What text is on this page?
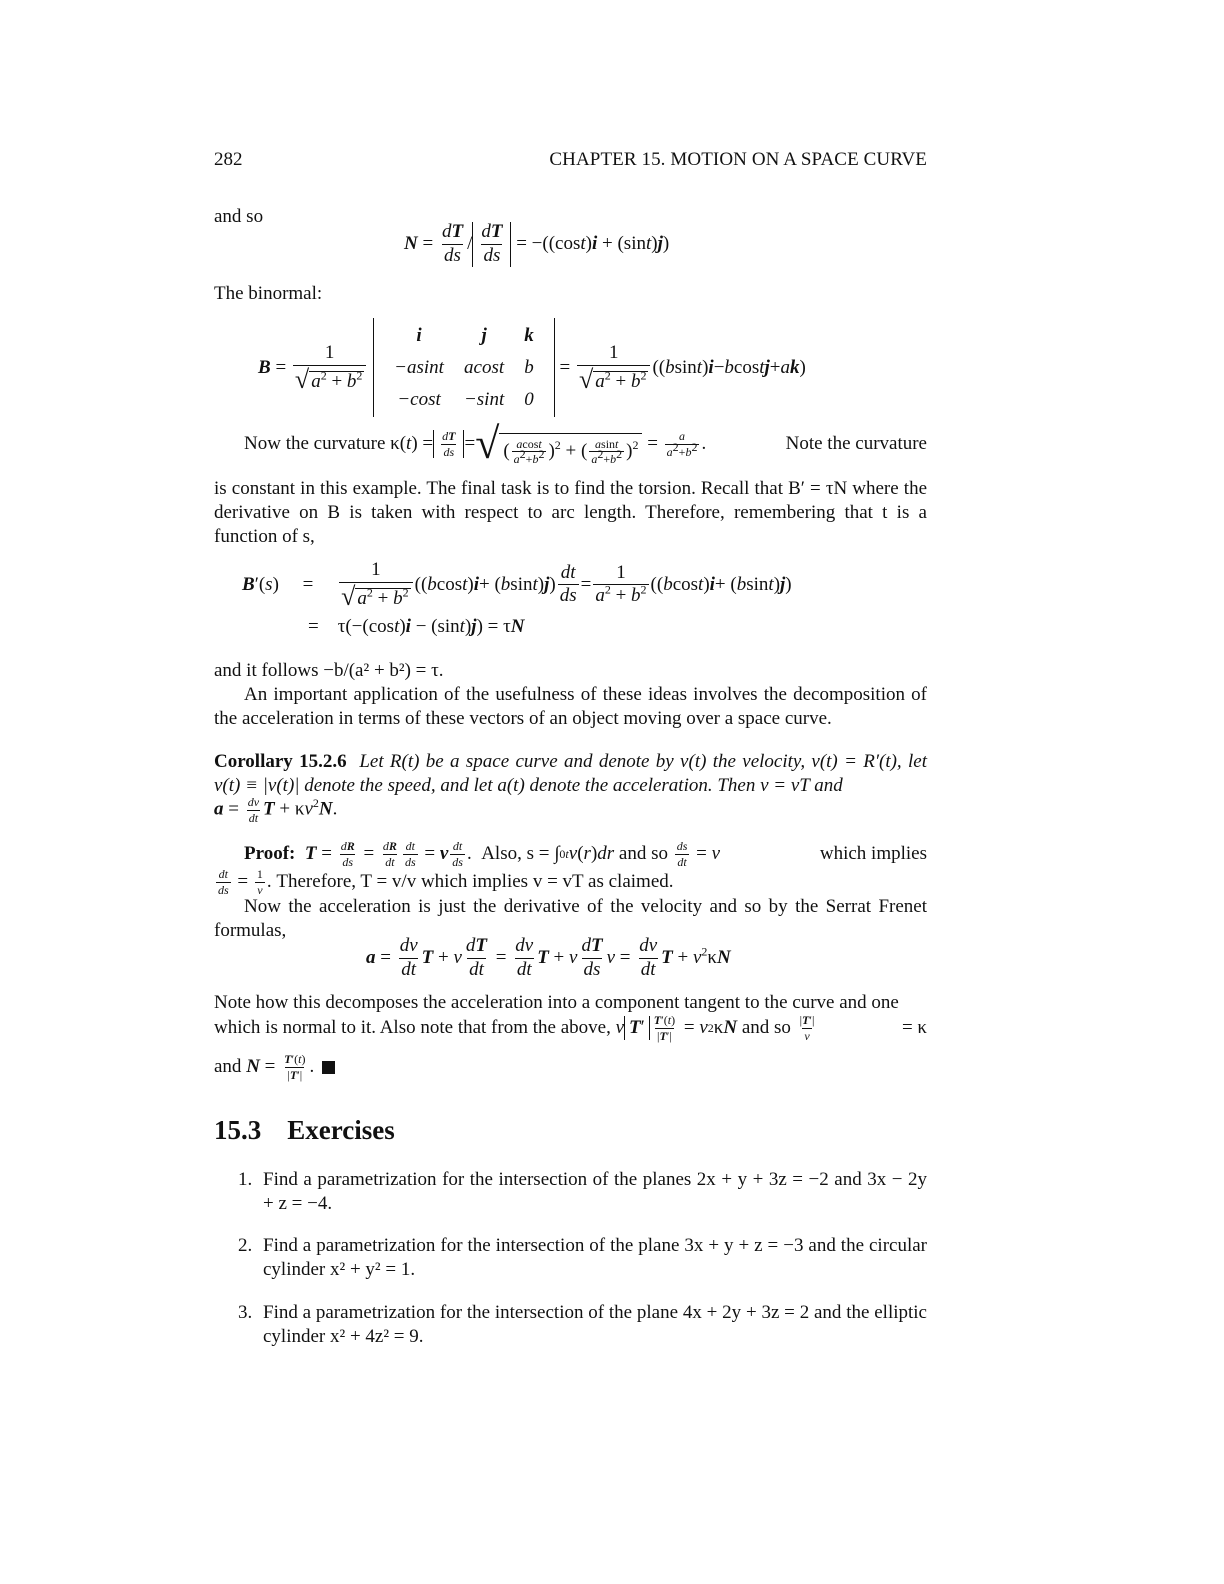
282	CHAPTER 15. MOTION ON A SPACE CURVE
and so
$N = \frac{dT}{ds} / \frac{dT}{ds} = -((\cos t)i + (\sin t)j)$
The binormal:
$B = \frac{1}{√ a^2 + b^2}$

i	j	k
−asint	acost	b
−cost	−sint	0
= $\frac{1}{√ a^2 + b^2}$ (( b sin t ) i − b cos t j + a k )
Now the curvature κ( t ) = $\frac{dT}{ds}$ = √ ( $\frac{acost}{a^2+b^2} )^2$ + ( $\frac{asint}{a^2+b^2} )^2 = \frac{a}{a^2+b^2}$ .	Note the curvature
is constant in this example. The final task is to find the torsion. Recall that B′ = τN where the derivative on B is taken with respect to arc length. Therefore, remembering that t is a function of s,
B ′( s )     = $\frac{1}{√ a^2 + b^2}$ (( b cos t ) i + ( b sin t ) j ) $\frac{dt}{ds} = \frac{1}{a^2 + b^2}$ (( b cos t ) i + ( b sin t ) j )
=    τ(−(cost)i − (sint)j) = τN
and it follows −b/(a² + b²) = τ.
An important application of the usefulness of these ideas involves the decomposition of the acceleration in terms of these vectors of an object moving over a space curve.
Corollary 15.2.6 Let R(t) be a space curve and denote by v(t) the velocity, v(t) = R′(t), let v(t) ≡ |v(t)| denote the speed, and let a(t) denote the acceleration. Then v = vT and
$a = \frac{dv}{dt}$ $T + \kappa v^2N$.
Proof:
$T = \frac{dR}{ds} = \frac{dR}{dt} \frac{dt}{ds} = v \frac{dt}{ds}$ . Also, s = ∫ 0 t v ( r ) dr
and so
$\frac{ds}{dt} = v$	which implies
$\frac{dt}{ds} = \frac{1}{v}$ . Therefore, T = v/v which implies v = vT as claimed.
Now the acceleration is just the derivative of the velocity and so by the Serrat Frenet formulas,
$a = \frac{dv}{dt}$ T + v $\frac{dT}{dt} = \frac{dv}{dt}$ T + v $\frac{dT}{ds}$ $v = \frac{dv}{dt}$ $T + v^2\kappa N$
Note how this decomposes the acceleration into a component tangent to the curve and one
which is normal to it. Also note that from the above,
v $T' \frac{T'(t)}{|T'|} = v$ 2 κ N
and so
$\frac{|T'|}{v}$	= κ
and
$N = \frac{T'(t)}{|T'|}$ .
15.3 Exercises
1. Find a parametrization for the intersection of the planes 2x + y + 3z = −2 and 3x − 2y + z = −4.
2. Find a parametrization for the intersection of the plane 3x + y + z = −3 and the circular cylinder x² + y² = 1.
3. Find a parametrization for the intersection of the plane 4x + 2y + 3z = 2 and the elliptic cylinder x² + 4z² = 9.
